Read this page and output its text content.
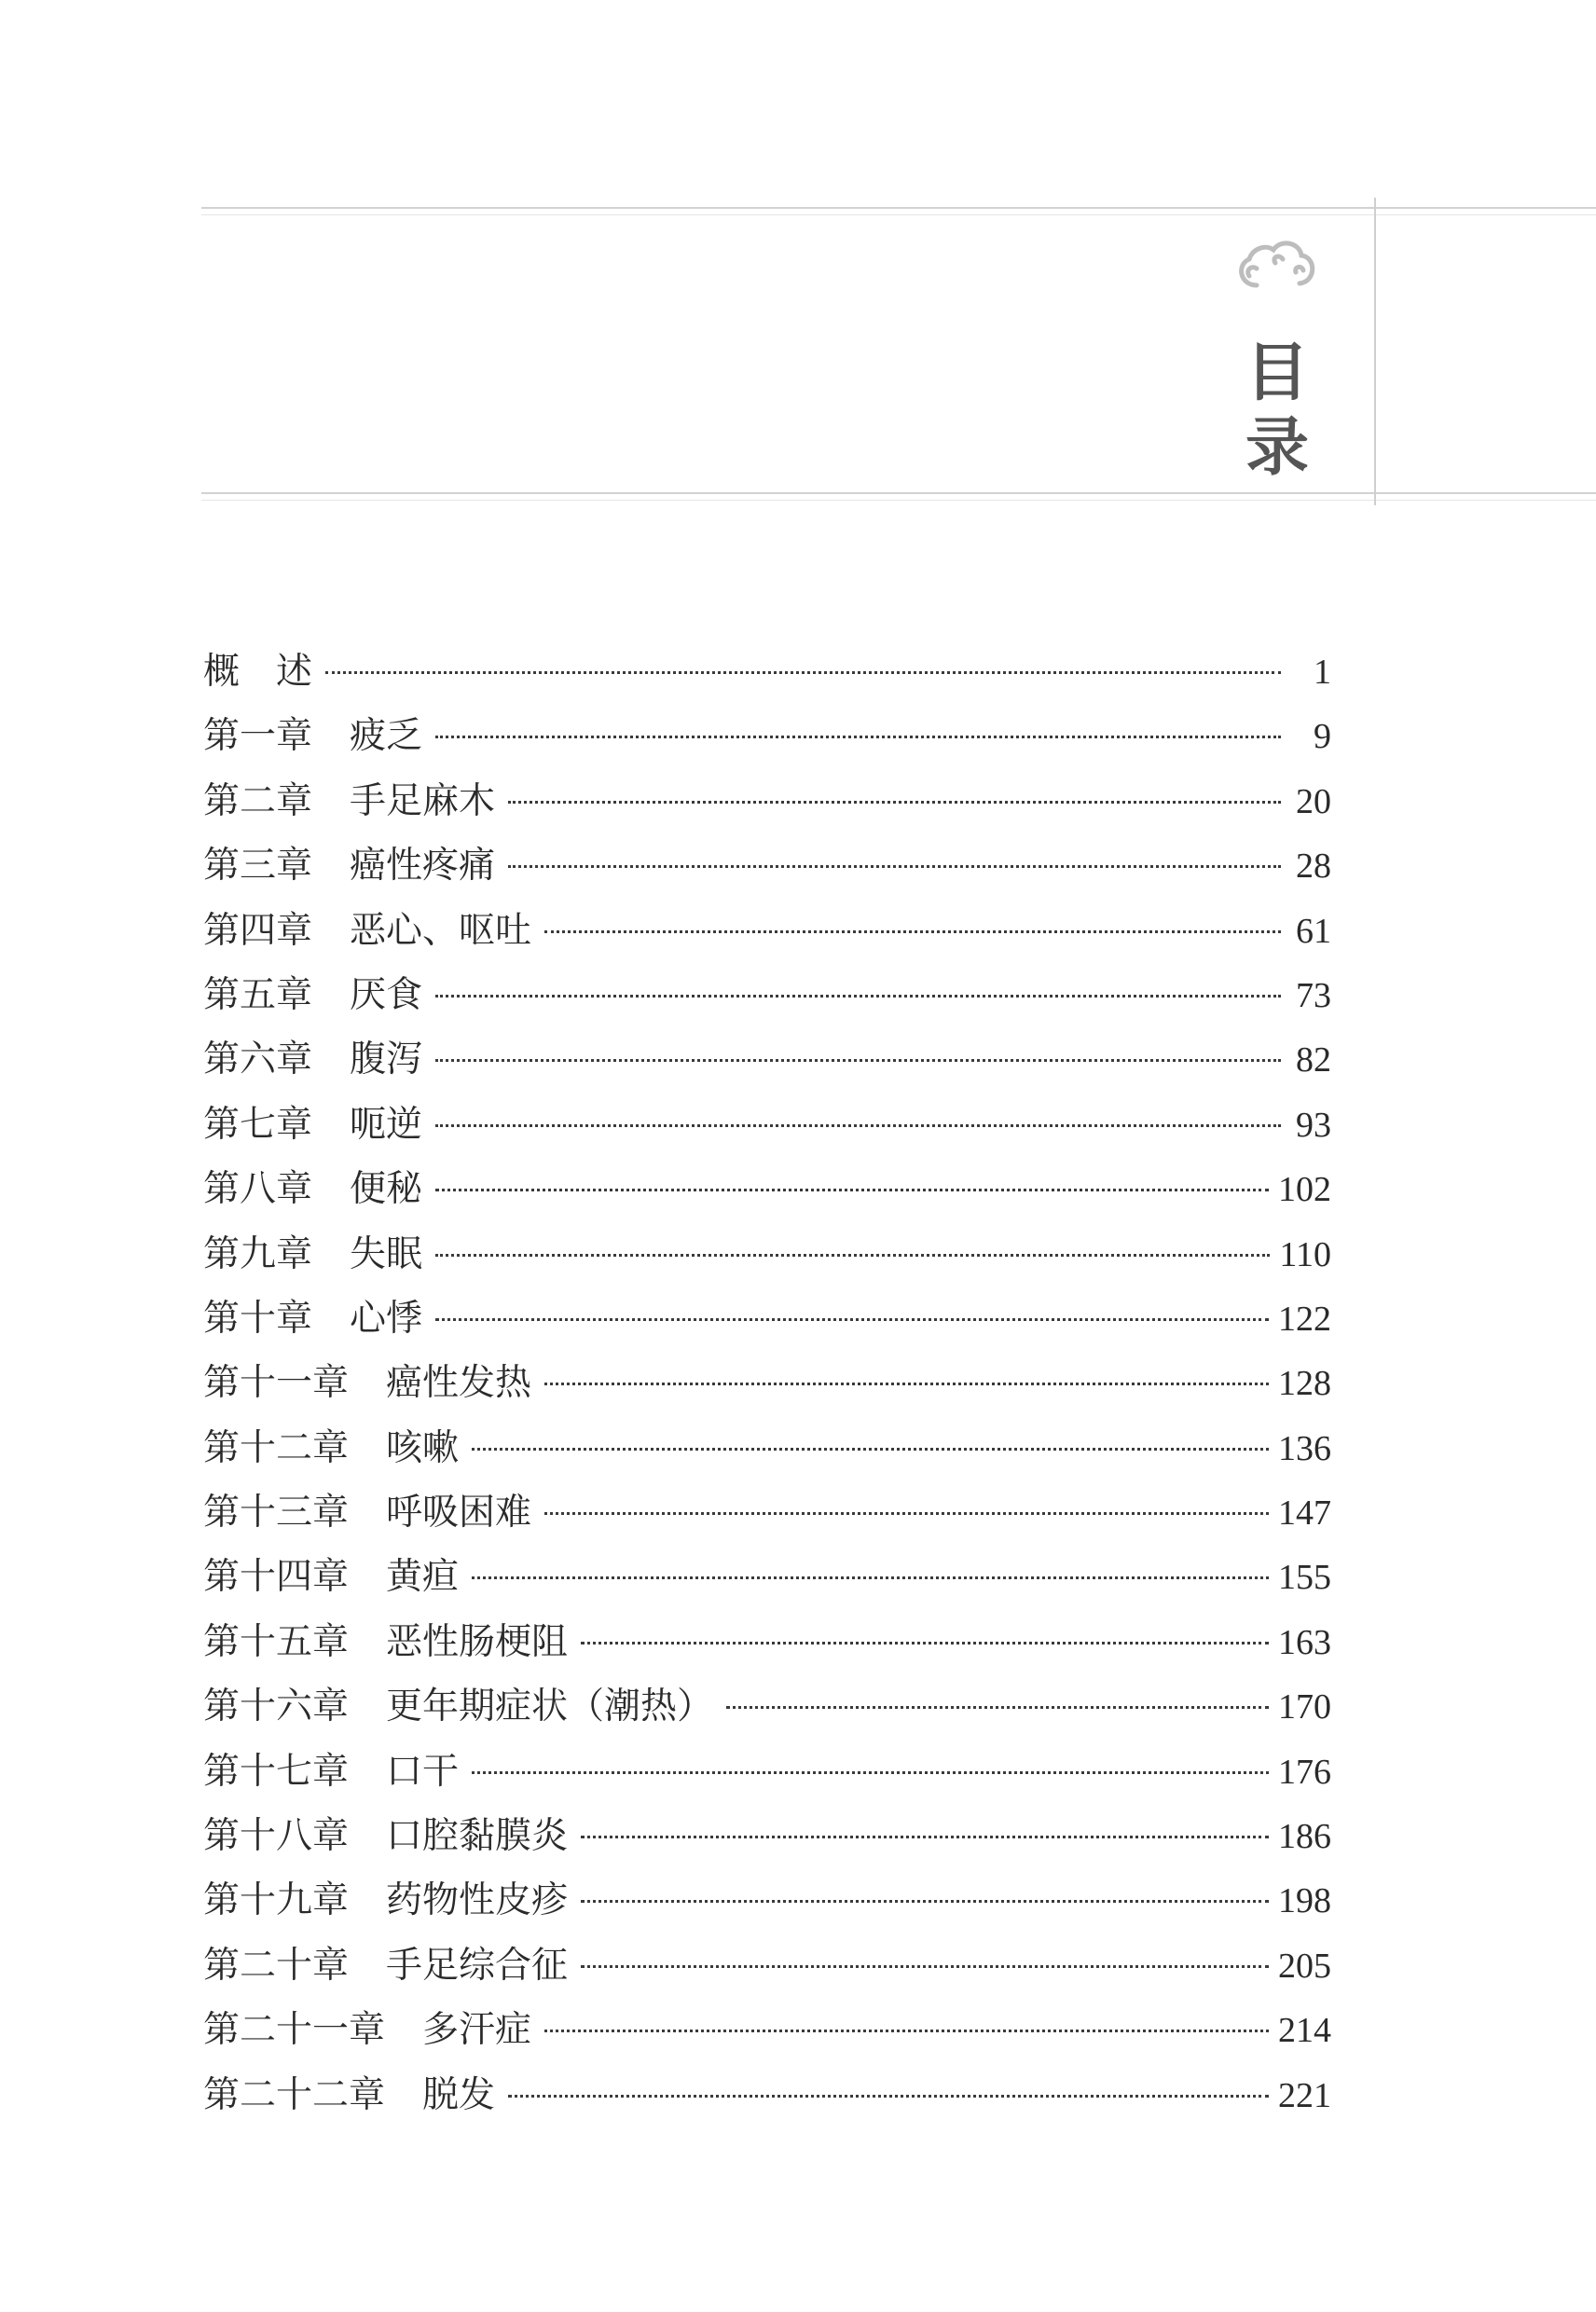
目
录
概　述	1
第一章 疲乏	9
第二章 手足麻木	20
第三章 癌性疼痛	28
第四章 恶心、呕吐	61
第五章 厌食	73
第六章 腹泻	82
第七章 呃逆	93
第八章 便秘	102
第九章 失眠	110
第十章 心悸	122
第十一章 癌性发热	128
第十二章 咳嗽	136
第十三章 呼吸困难	147
第十四章 黄疸	155
第十五章 恶性肠梗阻	163
第十六章 更年期症状（潮热）	170
第十七章 口干	176
第十八章 口腔黏膜炎	186
第十九章 药物性皮疹	198
第二十章 手足综合征	205
第二十一章 多汗症	214
第二十二章 脱发	221
